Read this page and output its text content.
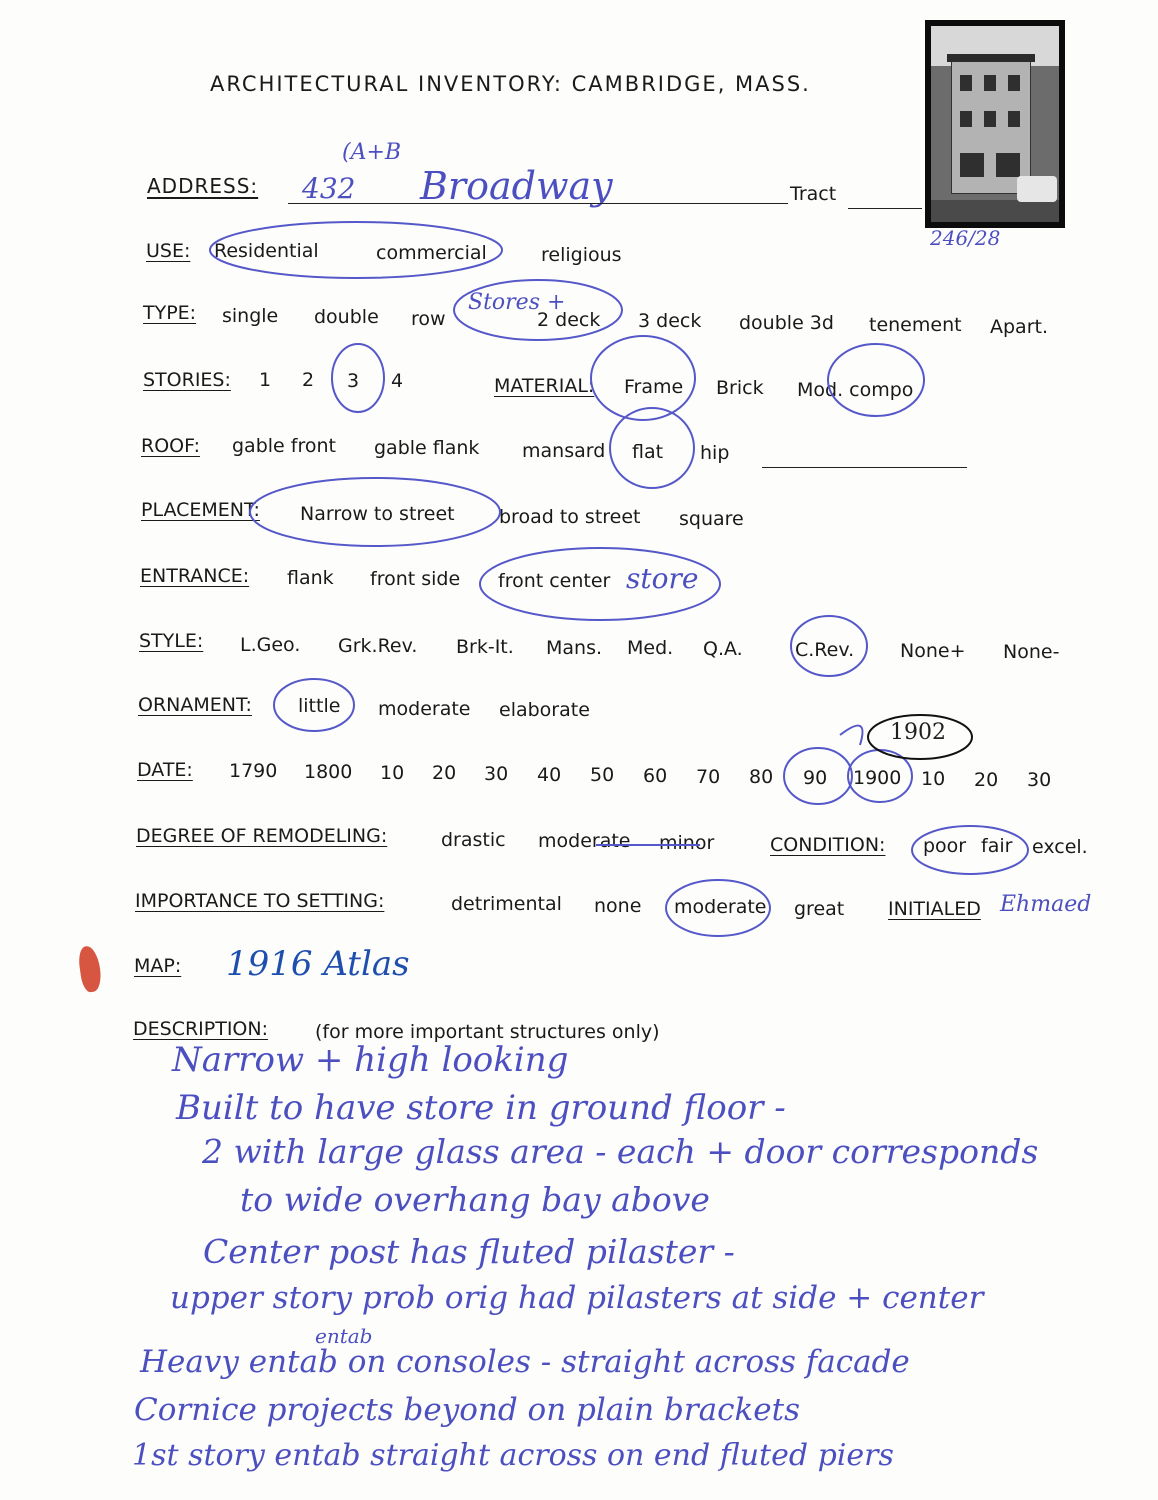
ARCHITECTURAL INVENTORY: CAMBRIDGE, MASS.
246/28
ADDRESS: 432
(A+B
Broadway	Tract
USE: Residential	commercial	religious
TYPE: single double row
Stores +
2 deck 3 deck double 3d tenement Apart.
STORIES: 1 2 3 4	MATERIAL: Frame Brick Mod. compo
ROOF: gable front gable flank mansard flat hip
PLACEMENT: Narrow to street broad to street square
ENTRANCE: flank front side front center store
STYLE: L.Geo. Grk.Rev. Brk-It. Mans. Med. Q.A.	C.Rev. None+ None-
ORNAMENT: little moderate elaborate
DATE: 1790 1800 10 20 30 40 50 60 70 80 90 1900 10 20 30
1902
DEGREE OF REMODELING:	drastic moderate minor	CONDITION: poor fair excel.
IMPORTANCE TO SETTING:	detrimental none moderate great INITIALED Ehmaed
MAP: 1916 Atlas
DESCRIPTION: (for more important structures only)
Narrow + high looking
Built to have store in ground floor -
2 with large glass area - each + door corresponds
to wide overhang bay above
Center post has fluted pilaster -
upper story prob orig had pilasters at side + center
entab
Heavy entab on consoles - straight across facade
Cornice projects beyond on plain brackets
1st story entab straight across on end fluted piers
